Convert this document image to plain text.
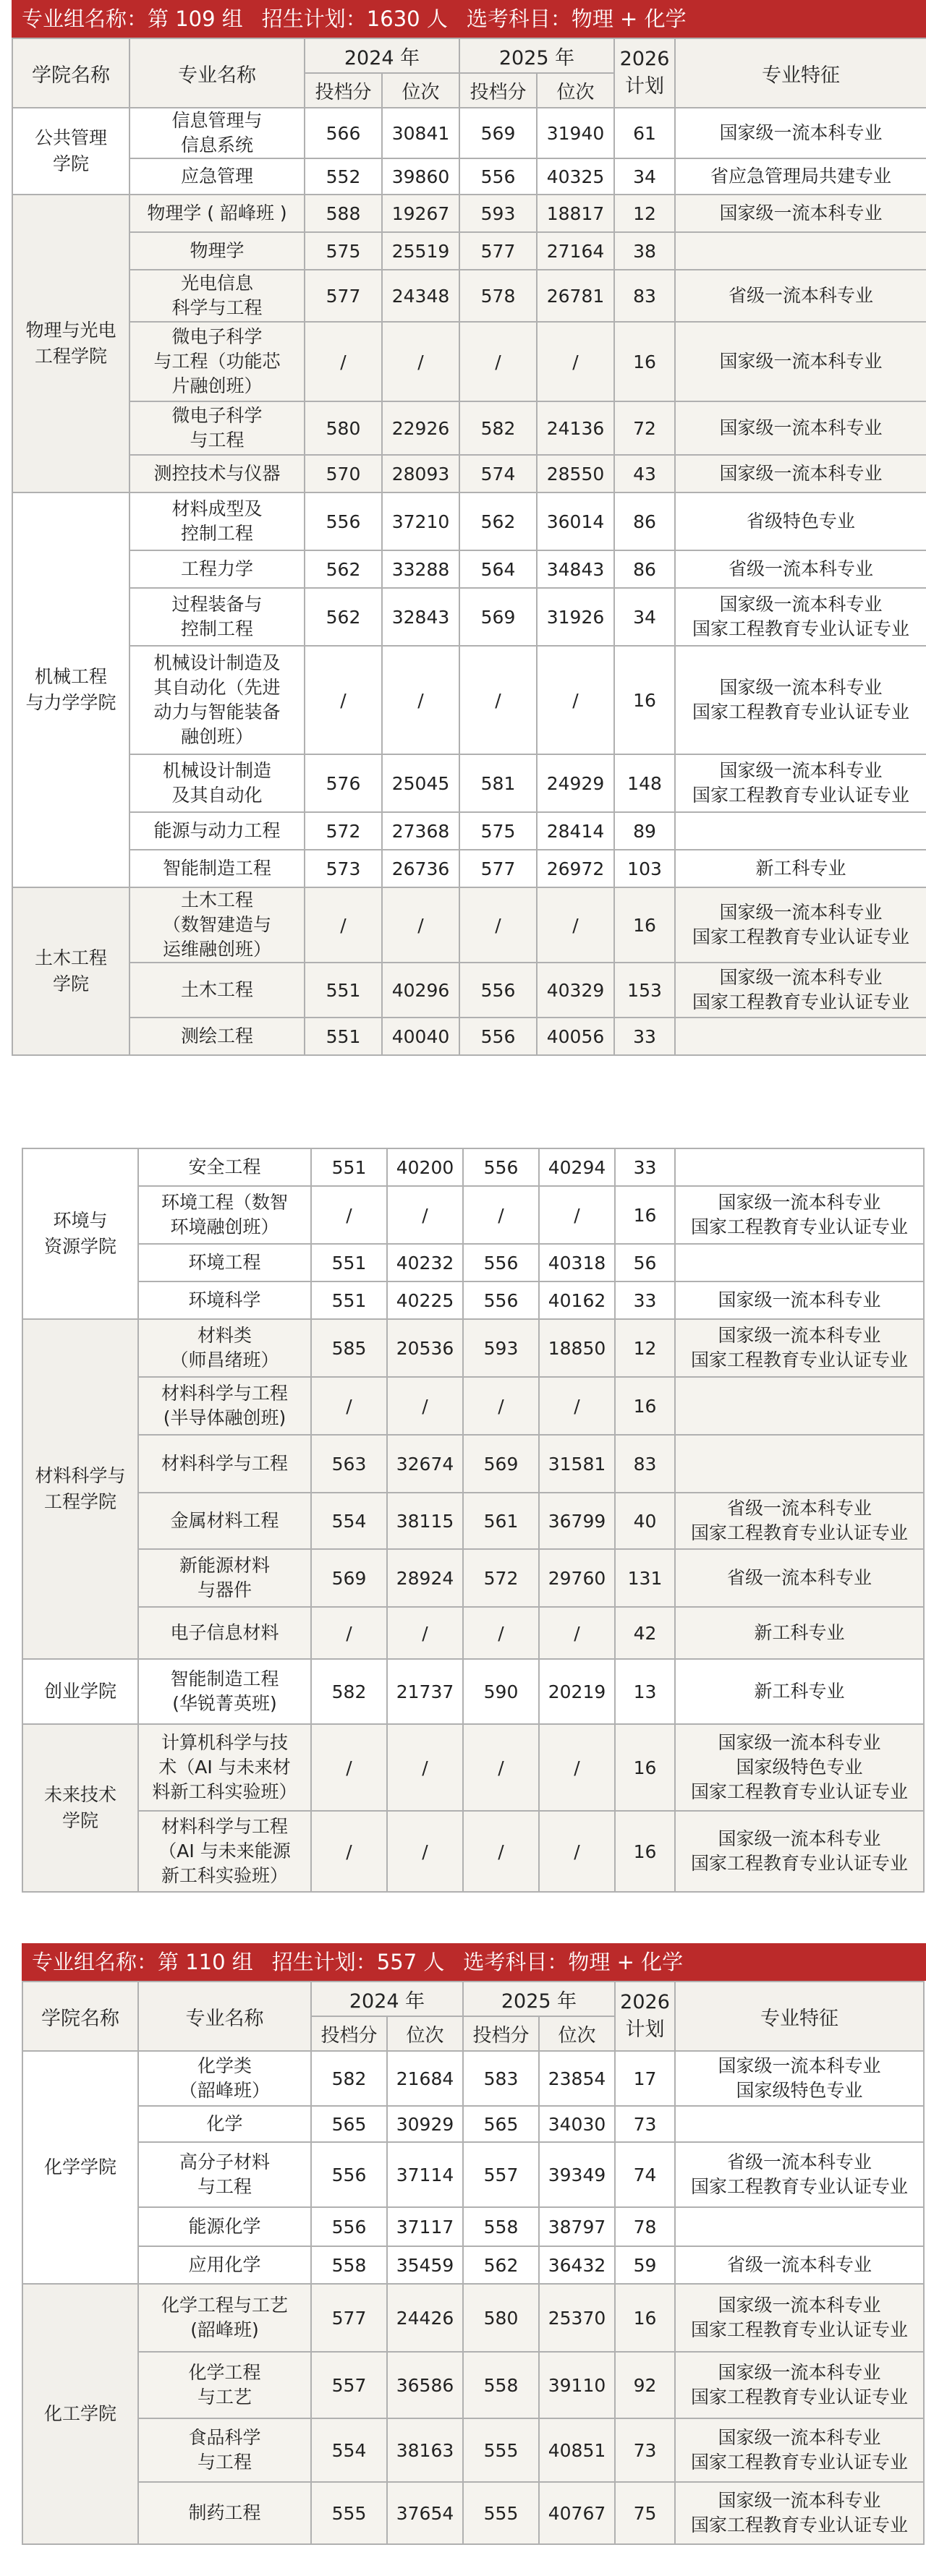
专业组名称：第 109 组 招生计划：1630 人 选考科目：物理 + 化学
学院名称	专业名称	2024 年		2025 年		2026
计划	专业特征
		投档分	位次	投档分	位次		
公共管理
学院	信息管理与
信息系统	566	30841	569	31940	61	国家级一流本科专业
	应急管理	552	39860	556	40325	34	省应急管理局共建专业
物理与光电
工程学院	物理学 ( 韶峰班 )	588	19267	593	18817	12	国家级一流本科专业
	物理学	575	25519	577	27164	38	
	光电信息
科学与工程	577	24348	578	26781	83	省级一流本科专业
	微电子科学
与工程（功能芯
片融创班）	/	/	/	/	16	国家级一流本科专业
	微电子科学
与工程	580	22926	582	24136	72	国家级一流本科专业
	测控技术与仪器	570	28093	574	28550	43	国家级一流本科专业
机械工程
与力学学院	材料成型及
控制工程	556	37210	562	36014	86	省级特色专业
	工程力学	562	33288	564	34843	86	省级一流本科专业
	过程装备与
控制工程	562	32843	569	31926	34	国家级一流本科专业
国家工程教育专业认证专业
	机械设计制造及
其自动化（先进
动力与智能装备
融创班）	/	/	/	/	16	国家级一流本科专业
国家工程教育专业认证专业
	机械设计制造
及其自动化	576	25045	581	24929	148	国家级一流本科专业
国家工程教育专业认证专业
	能源与动力工程	572	27368	575	28414	89	
	智能制造工程	573	26736	577	26972	103	新工科专业
土木工程
学院	土木工程
（数智建造与
运维融创班）	/	/	/	/	16	国家级一流本科专业
国家工程教育专业认证专业
	土木工程	551	40296	556	40329	153	国家级一流本科专业
国家工程教育专业认证专业
	测绘工程	551	40040	556	40056	33	
环境与
资源学院	安全工程	551	40200	556	40294	33	
	环境工程（数智
环境融创班）	/	/	/	/	16	国家级一流本科专业
国家工程教育专业认证专业
	环境工程	551	40232	556	40318	56	
	环境科学	551	40225	556	40162	33	国家级一流本科专业
材料科学与
工程学院	材料类
（师昌绪班）	585	20536	593	18850	12	国家级一流本科专业
国家工程教育专业认证专业
	材料科学与工程
(半导体融创班)	/	/	/	/	16	
	材料科学与工程	563	32674	569	31581	83	
	金属材料工程	554	38115	561	36799	40	省级一流本科专业
国家工程教育专业认证专业
	新能源材料
与器件	569	28924	572	29760	131	省级一流本科专业
	电子信息材料	/	/	/	/	42	新工科专业
创业学院	智能制造工程
(华锐菁英班)	582	21737	590	20219	13	新工科专业
未来技术
学院	计算机科学与技
术（AI 与未来材
料新工科实验班）	/	/	/	/	16	国家级一流本科专业
国家级特色专业
国家工程教育专业认证专业
	材料科学与工程
（AI 与未来能源
新工科实验班）	/	/	/	/	16	国家级一流本科专业
国家工程教育专业认证专业
学院名称	专业名称	2024 年		2025 年		2026
计划	专业特征
		投档分	位次	投档分	位次		
化学学院	化学类
（韶峰班）	582	21684	583	23854	17	国家级一流本科专业
国家级特色专业
	化学	565	30929	565	34030	73	
	高分子材料
与工程	556	37114	557	39349	74	省级一流本科专业
国家工程教育专业认证专业
	能源化学	556	37117	558	38797	78	
	应用化学	558	35459	562	36432	59	省级一流本科专业
化工学院	化学工程与工艺
(韶峰班)	577	24426	580	25370	16	国家级一流本科专业
国家工程教育专业认证专业
	化学工程
与工艺	557	36586	558	39110	92	国家级一流本科专业
国家工程教育专业认证专业
	食品科学
与工程	554	38163	555	40851	73	国家级一流本科专业
国家工程教育专业认证专业
	制药工程	555	37654	555	40767	75	国家级一流本科专业
国家工程教育专业认证专业
专业组名称：第 110 组 招生计划：557 人 选考科目：物理 + 化学
